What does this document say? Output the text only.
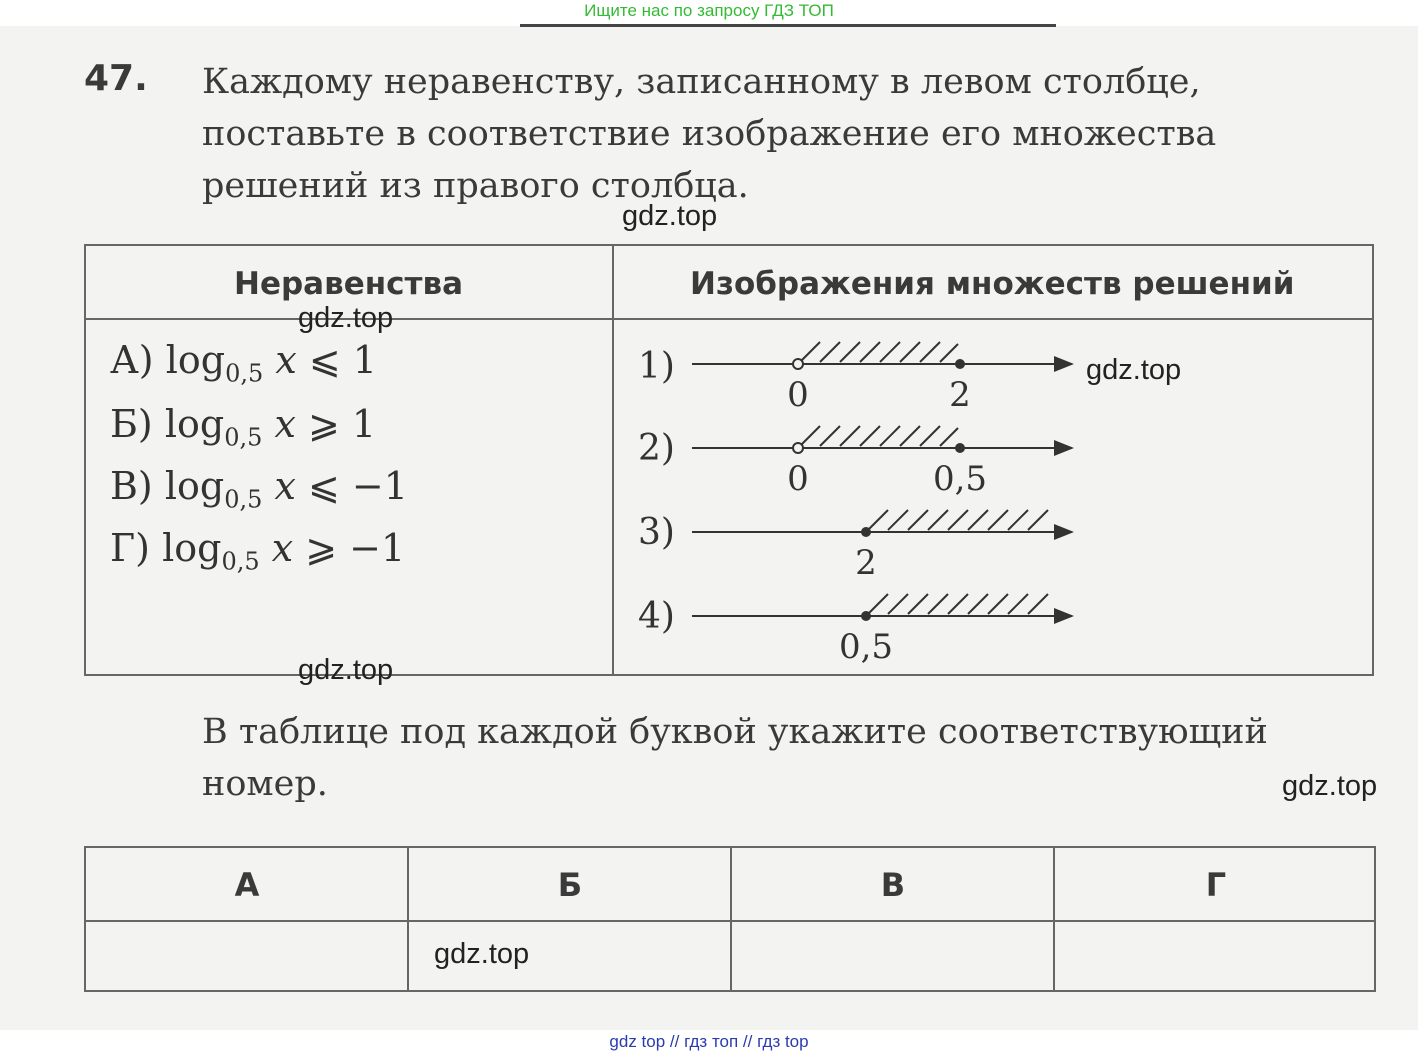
Ищите нас по запросу ГДЗ ТОП
47. Каждому неравенству, записанному в левом столбце, поставьте в соответствие изображение его множества решений из правого столбца.
gdz.top
Неравенства	Изображения множеств решений
А) $\log_{0,5} x$ ⩽ 1
Б) $\log_{0,5} x$ ⩾ 1
В) $\log_{0,5} x$ ⩽ −1
Г) $\log_{0,5} x$ ⩾ −1
1)
0	2
2)
0	0,5
3)
2
4)
0,5
gdz.top
gdz.top
gdz.top
В таблице под каждой буквой укажите соответствующий номер.	gdz.top
А	Б	В	Г
gdz.top
gdz top // гдз топ // гдз top
